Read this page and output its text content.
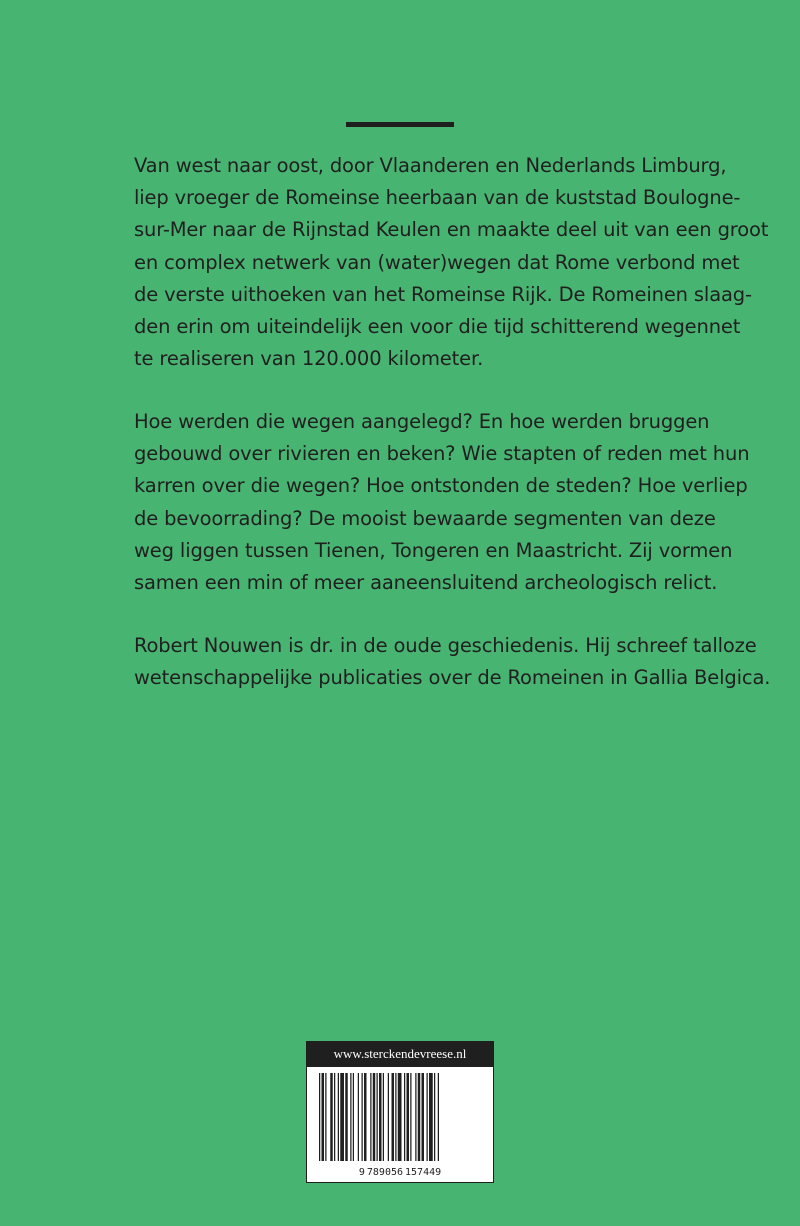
Van west naar oost, door Vlaanderen en Nederlands Limburg,
liep vroeger de Romeinse heerbaan van de kuststad Boulogne-
sur-Mer naar de Rijnstad Keulen en maakte deel uit van een groot
en complex netwerk van (water)wegen dat Rome verbond met
de verste uithoeken van het Romeinse Rijk. De Romeinen slaag-
den erin om uiteindelijk een voor die tijd schitterend wegennet
te realiseren van 120.000 kilometer.
Hoe werden die wegen aangelegd? En hoe werden bruggen
gebouwd over rivieren en beken? Wie stapten of reden met hun
karren over die wegen? Hoe ontstonden de steden? Hoe verliep
de bevoorrading? De mooist bewaarde segmenten van deze
weg liggen tussen Tienen, Tongeren en Maastricht. Zij vormen
samen een min of meer aaneensluitend archeologisch relict.
Robert Nouwen is dr. in de oude geschiedenis. Hij schreef talloze
wetenschappelijke publicaties over de Romeinen in Gallia Belgica.
www.sterckendevreese.nl
9 789056 157449
